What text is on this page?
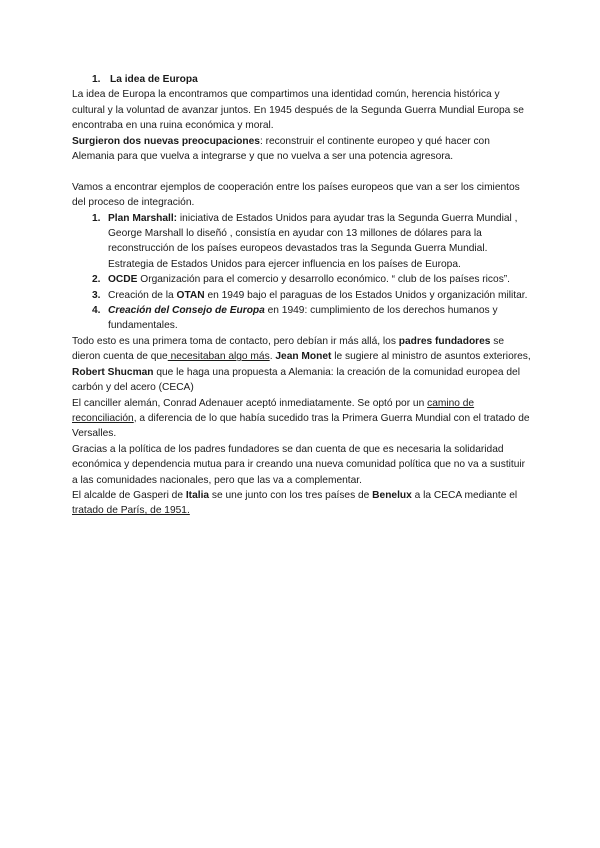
1. La idea de Europa

La idea de Europa la encontramos que compartimos una identidad común, herencia histórica y cultural y la voluntad de avanzar juntos. En 1945 después de la Segunda Guerra Mundial Europa se encontraba en una ruina económica y moral.

Surgieron dos nuevas preocupaciones: reconstruir el continente europeo y qué hacer con Alemania para que vuelva a integrarse y que no vuelva a ser una potencia agresora.

Vamos a encontrar ejemplos de cooperación entre los países europeos que van a ser los cimientos del proceso de integración.

1. Plan Marshall: iniciativa de Estados Unidos para ayudar tras la Segunda Guerra Mundial , George Marshall lo diseñó , consistía en ayudar con 13 millones de dólares para la reconstrucción de los países europeos devastados tras la Segunda Guerra Mundial. Estrategia de Estados Unidos para ejercer influencia en los países de Europa.
2. OCDE Organización para el comercio y desarrollo económico. “ club de los países ricos”.
3. Creación de la OTAN en 1949 bajo el paraguas de los Estados Unidos y organización militar.
4. Creación del Consejo de Europa en 1949: cumplimiento de los derechos humanos y fundamentales.

Todo esto es una primera toma de contacto, pero debían ir más allá, los padres fundadores se dieron cuenta de que necesitaban algo más. Jean Monet le sugiere al ministro de asuntos exteriores, Robert Shucman que le haga una propuesta a Alemania: la creación de la comunidad europea del carbón y del acero (CECA)

El canciller alemán, Conrad Adenauer aceptó inmediatamente. Se optó por un camino de reconciliación, a diferencia de lo que había sucedido tras la Primera Guerra Mundial con el tratado de Versalles.

Gracias a la política de los padres fundadores se dan cuenta de que es necesaria la solidaridad económica y dependencia mutua para ir creando una nueva comunidad política que no va a sustituir a las comunidades nacionales, pero que las va a complementar.

El alcalde de Gasperi de Italia se une junto con los tres países de Benelux a la CECA mediante el tratado de París, de 1951.
